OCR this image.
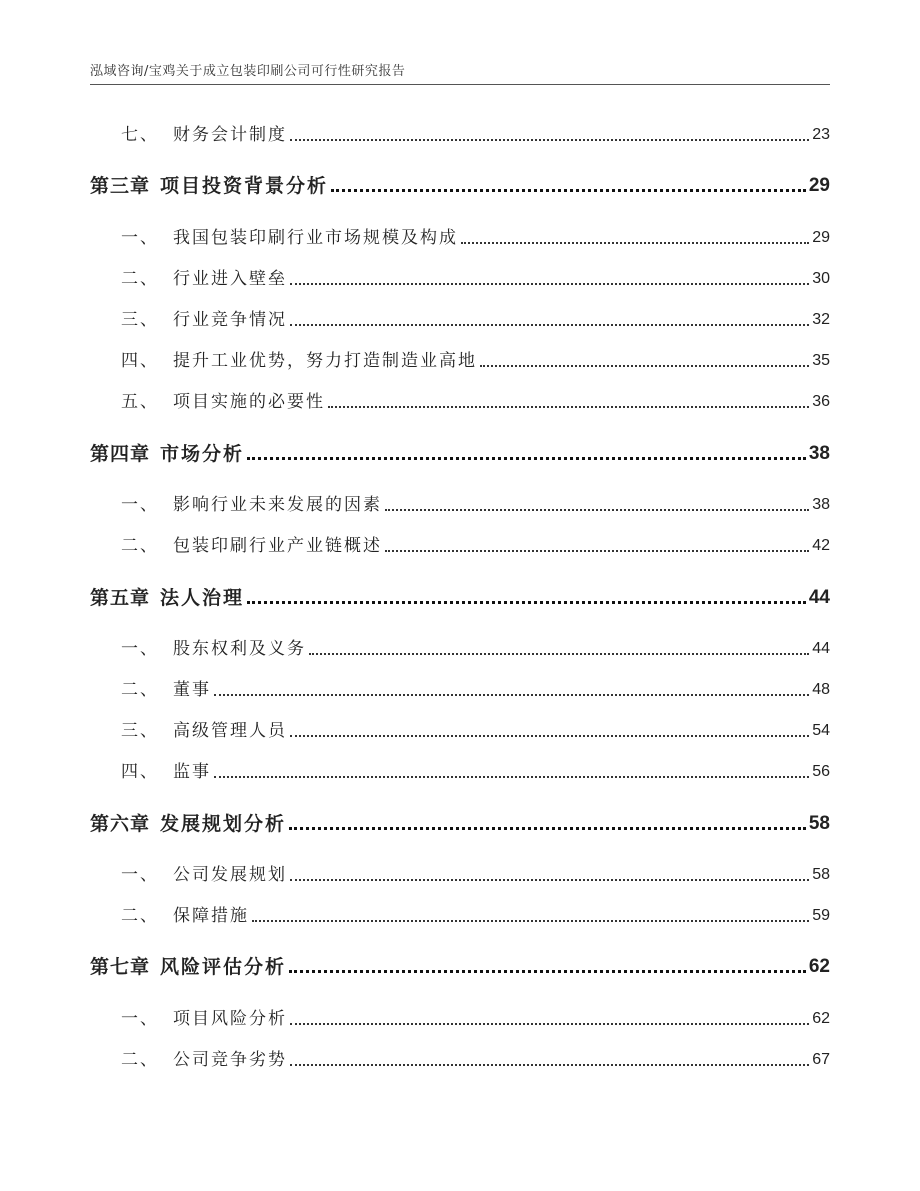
泓域咨询/宝鸡关于成立包装印刷公司可行性研究报告
七、 财务会计制度	23
第三章 项目投资背景分析	29
一、 我国包装印刷行业市场规模及构成	29
二、 行业进入壁垒	30
三、 行业竞争情况	32
四、 提升工业优势，努力打造制造业高地	35
五、 项目实施的必要性	36
第四章 市场分析	38
一、 影响行业未来发展的因素	38
二、 包装印刷行业产业链概述	42
第五章 法人治理	44
一、 股东权利及义务	44
二、 董事	48
三、 高级管理人员	54
四、 监事	56
第六章 发展规划分析	58
一、 公司发展规划	58
二、 保障措施	59
第七章 风险评估分析	62
一、 项目风险分析	62
二、 公司竞争劣势	67
